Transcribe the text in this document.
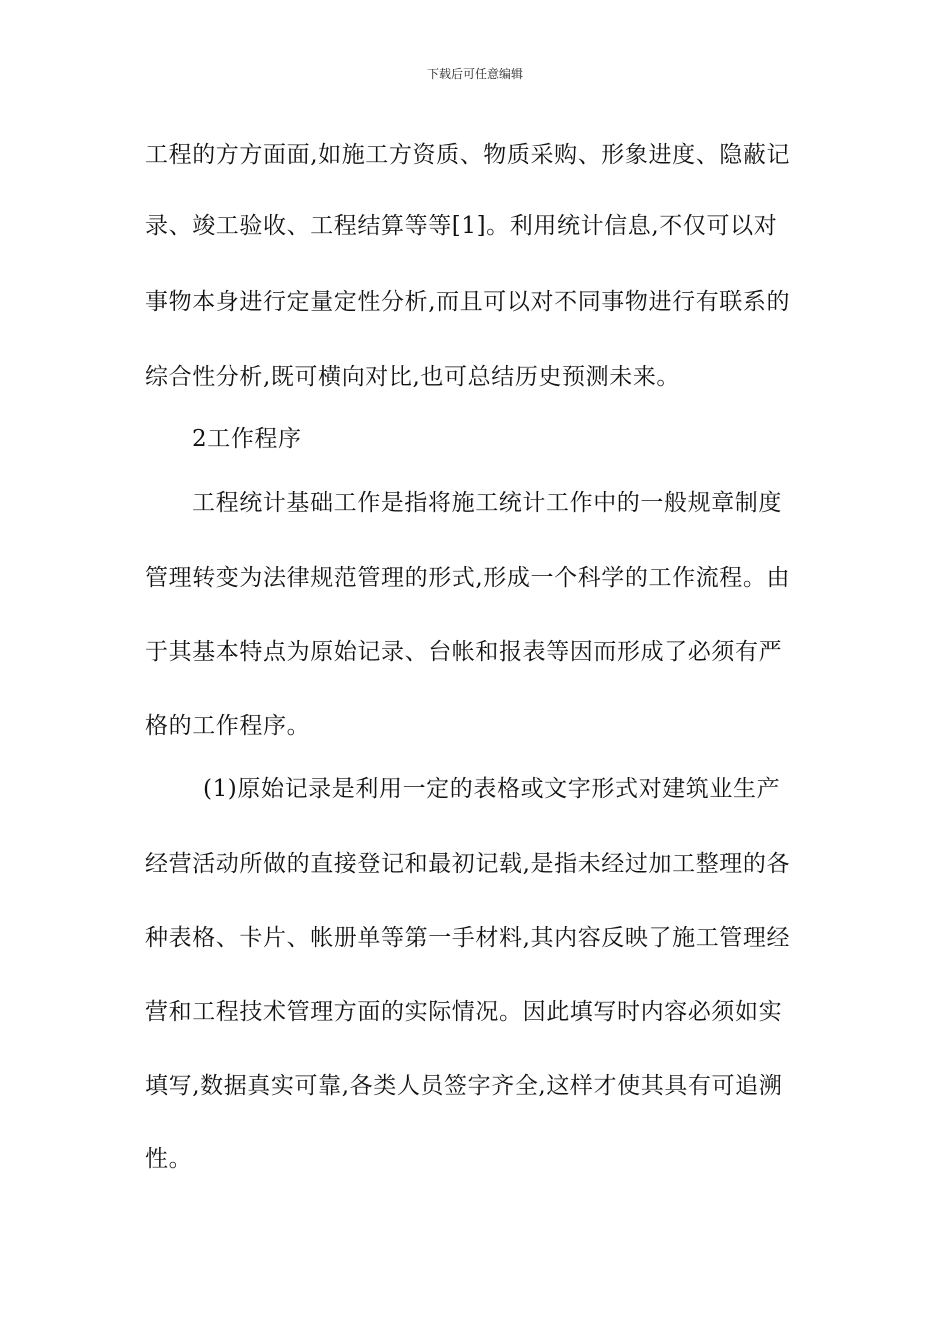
下载后可任意编辑
工程的方方面面,如施工方资质、物质采购、形象进度、隐蔽记
录、竣工验收、工程结算等等[1]。利用统计信息,不仅可以对
事物本身进行定量定性分析,而且可以对不同事物进行有联系的
综合性分析,既可横向对比,也可总结历史预测未来。
2工作程序
工程统计基础工作是指将施工统计工作中的一般规章制度
管理转变为法律规范管理的形式,形成一个科学的工作流程。由
于其基本特点为原始记录、台帐和报表等因而形成了必须有严
格的工作程序。
(1)原始记录是利用一定的表格或文字形式对建筑业生产
经营活动所做的直接登记和最初记载,是指未经过加工整理的各
种表格、卡片、帐册单等第一手材料,其内容反映了施工管理经
营和工程技术管理方面的实际情况。因此填写时内容必须如实
填写,数据真实可靠,各类人员签字齐全,这样才使其具有可追溯
性。
